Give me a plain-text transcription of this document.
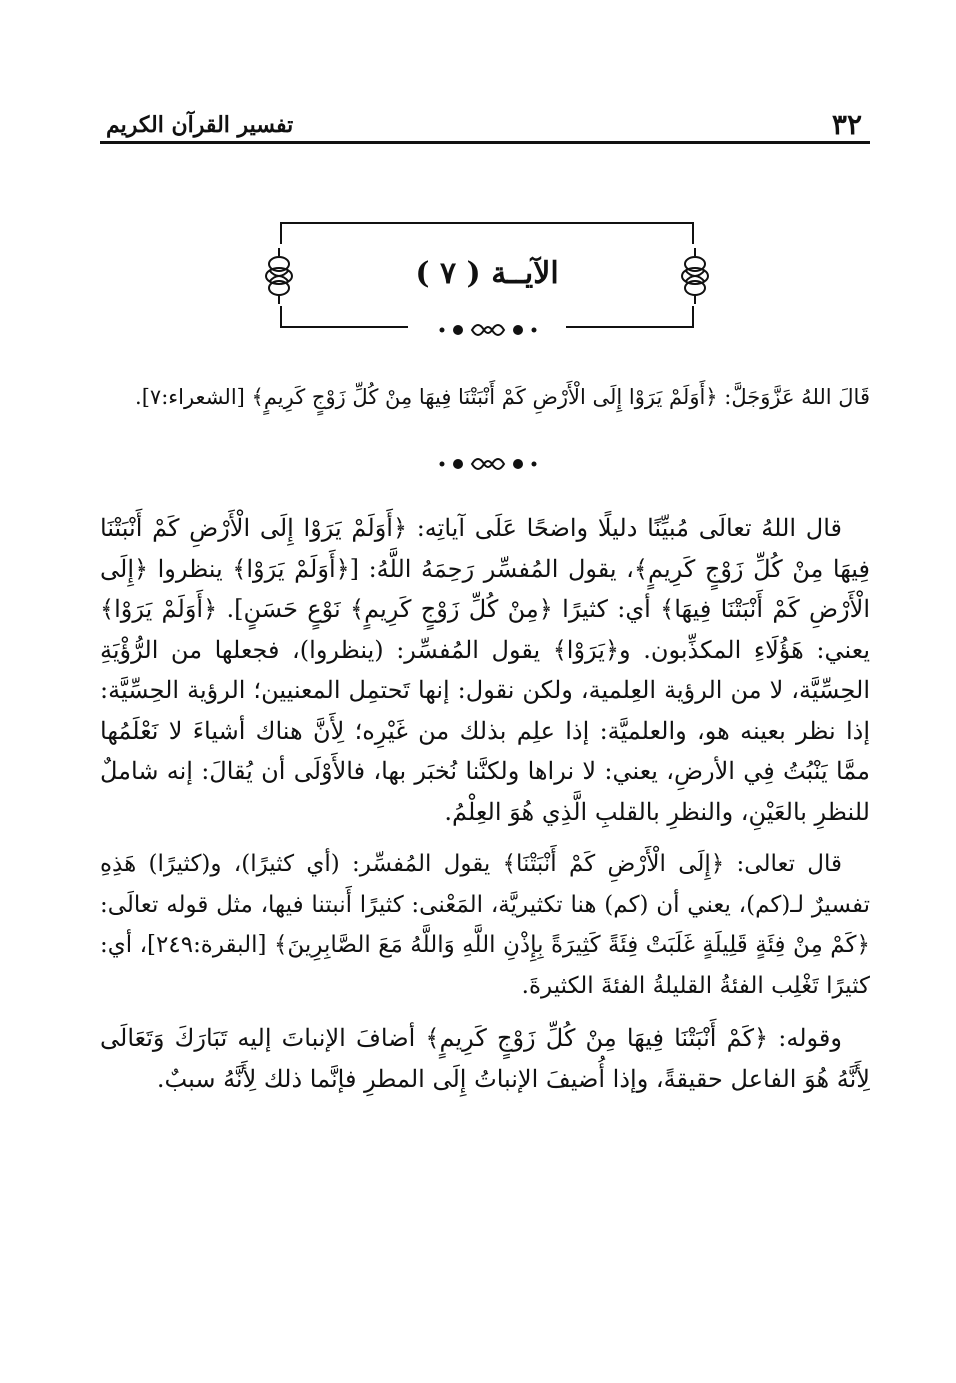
٣٢
تفسير القرآن الكريم
الآيــة ( ٧ )
قَالَ اللهُ عَزَّوَجَلَّ: ﴿أَوَلَمْ يَرَوْا إِلَى الْأَرْضِ كَمْ أَنْبَتْنَا فِيهَا مِنْ كُلِّ زَوْجٍ كَرِيمٍ﴾ [الشعراء:٧].

قال اللهُ تعالَى مُبيِّنًا دليلًا واضحًا عَلَى آياتِه: ﴿أَوَلَمْ يَرَوْا إِلَى الْأَرْضِ كَمْ أَنْبَتْنَا فِيهَا مِنْ كُلِّ زَوْجٍ كَرِيمٍ﴾، يقول المُفسِّر رَحِمَهُ اللَّهُ: [﴿أَوَلَمْ يَرَوْا﴾ ينظروا ﴿إِلَى الْأَرْضِ كَمْ أَنْبَتْنَا فِيهَا﴾ أي: كثيرًا ﴿مِنْ كُلِّ زَوْجٍ كَرِيمٍ﴾ نَوْعٍ حَسَنٍ]. ﴿أَوَلَمْ يَرَوْا﴾ يعني: هَؤُلَاءِ المكذِّبون. و﴿يَرَوْا﴾ يقول المُفسِّر: (ينظروا)، فجعلها من الرُّؤْيَةِ الحِسِّيَّة، لا من الرؤية العِلمية، ولكن نقول: إنها تَحتمِل المعنيين؛ الرؤية الحِسِّيَّة: إذا نظر بعينه هو، والعلميَّة: إذا علِم بذلك من غَيْرِه؛ لِأَنَّ هناك أشياءَ لا نَعْلَمُها ممَّا يَنْبُتُ فِي الأرضِ، يعني: لا نراها ولكنَّنا نُخبَر بها، فالأَوْلَى أن يُقالَ: إنه شاملٌ للنظرِ بالعَيْنِ، والنظرِ بالقلبِ الَّذِي هُوَ العِلْمُ.

قال تعالى: ﴿إِلَى الْأَرْضِ كَمْ أَنْبَتْنَا﴾ يقول المُفسِّر: (أي كثيرًا)، و(كثيرًا) هَذِهِ تفسيرٌ لـ(كم)، يعني أن (كم) هنا تكثيريَّة، المَعْنى: كثيرًا أَنبتنا فيها، مثل قوله تعالَى: ﴿كَمْ مِنْ فِئَةٍ قَلِيلَةٍ غَلَبَتْ فِئَةً كَثِيرَةً بِإِذْنِ اللَّهِ وَاللَّهُ مَعَ الصَّابِرِينَ﴾ [البقرة:٢٤٩]، أي: كثيرًا تَغْلِب الفئةُ القليلةُ الفئةَ الكثيرةَ.

وقوله: ﴿كَمْ أَنْبَتْنَا فِيهَا مِنْ كُلِّ زَوْجٍ كَرِيمٍ﴾ أضافَ الإنباتَ إليه تَبَارَكَ وَتَعَالَى لِأَنَّهُ هُوَ الفاعل حقيقةً، وإذا أُضيفَ الإنباتُ إِلَى المطرِ فإنَّما ذلك لِأَنَّهُ سببٌ.
